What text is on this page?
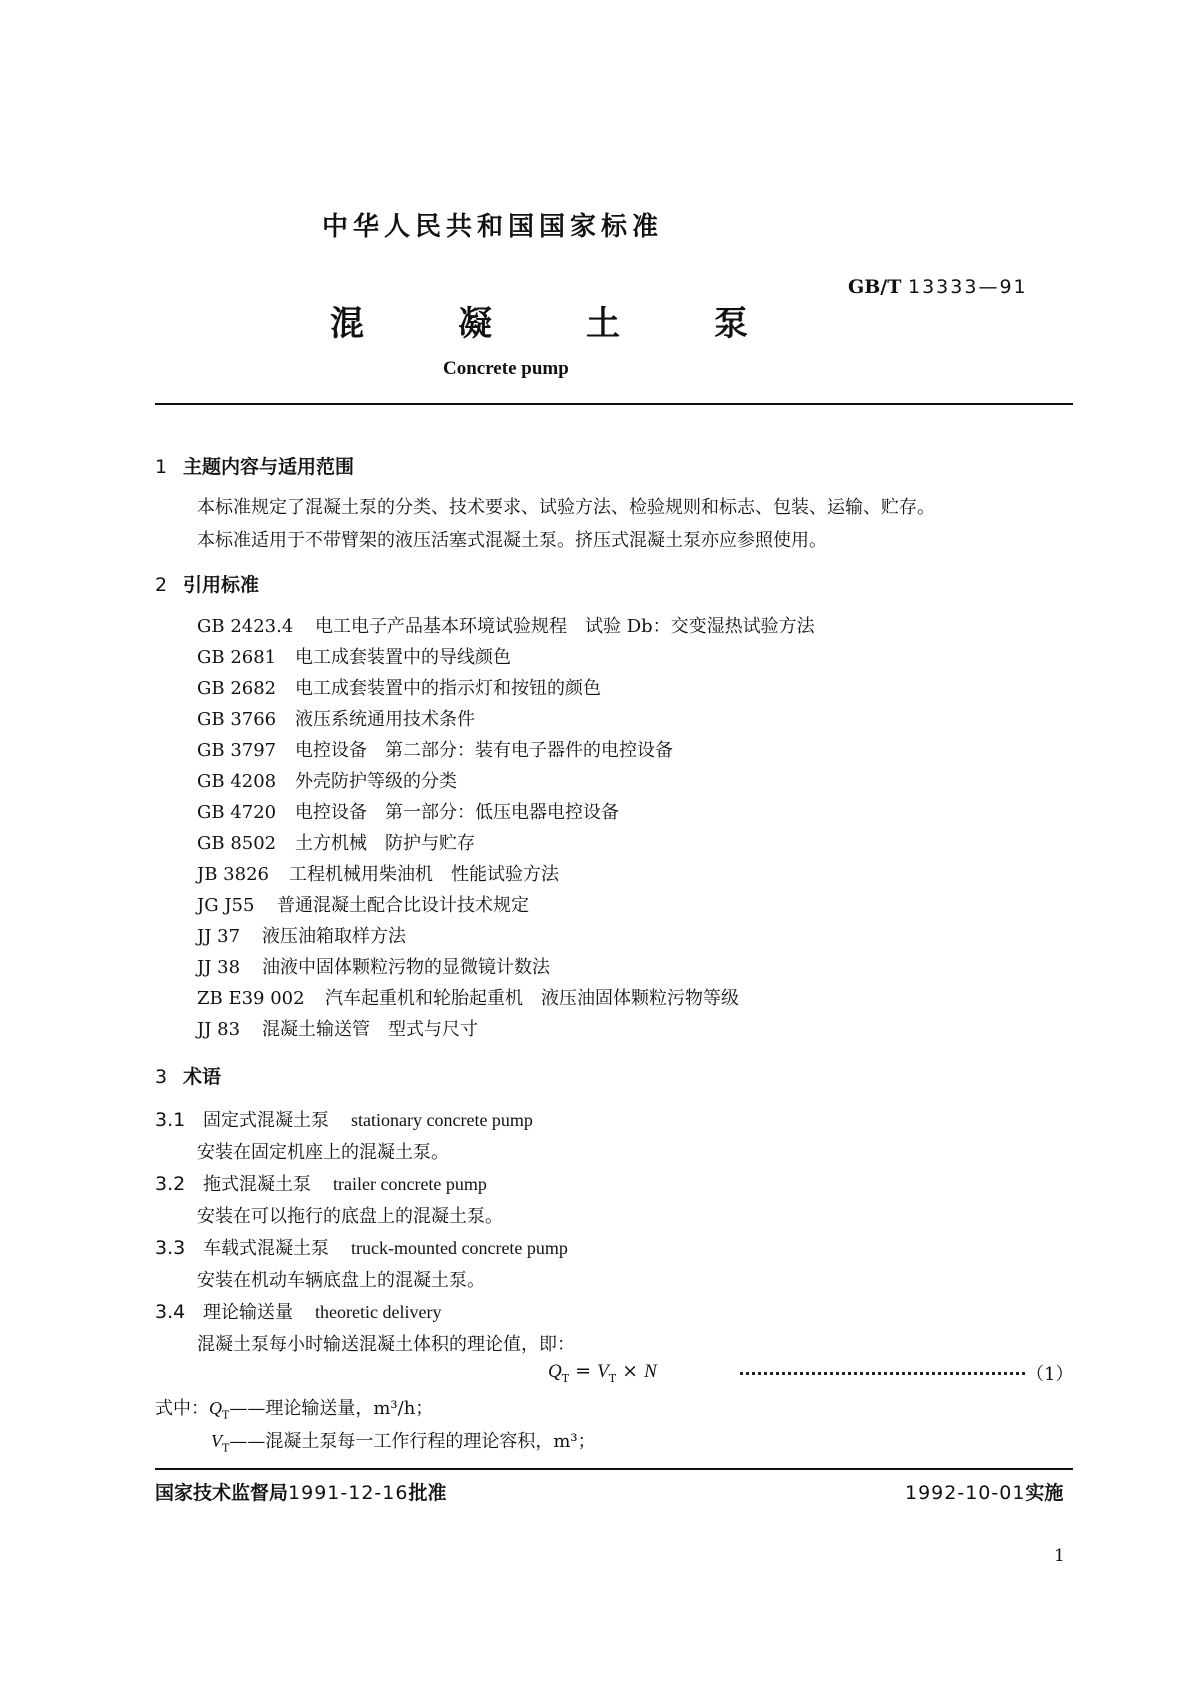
中华人民共和国国家标准
GB/T 13333—91
混	凝	土	泵
Concrete pump
1 主题内容与适用范围
本标准规定了混凝土泵的分类、技术要求、试验方法、检验规则和标志、包装、运输、贮存。
本标准适用于不带臂架的液压活塞式混凝土泵。挤压式混凝土泵亦应参照使用。
2 引用标准
GB 2423.4 电工电子产品基本环境试验规程　试验 Db：交变湿热试验方法
GB 2681 电工成套装置中的导线颜色
GB 2682 电工成套装置中的指示灯和按钮的颜色
GB 3766 液压系统通用技术条件
GB 3797 电控设备　第二部分：装有电子器件的电控设备
GB 4208 外壳防护等级的分类
GB 4720 电控设备　第一部分：低压电器电控设备
GB 8502 土方机械　防护与贮存
JB 3826 工程机械用柴油机　性能试验方法
JG J55 普通混凝土配合比设计技术规定
JJ 37 液压油箱取样方法
JJ 38 油液中固体颗粒污物的显微镜计数法
ZB E39 002 汽车起重机和轮胎起重机　液压油固体颗粒污物等级
JJ 83 混凝土输送管　型式与尺寸
3 术语
3.1 固定式混凝土泵 stationary concrete pump
安装在固定机座上的混凝土泵。
3.2 拖式混凝土泵 trailer concrete pump
安装在可以拖行的底盘上的混凝土泵。
3.3 车载式混凝土泵 truck-mounted concrete pump
安装在机动车辆底盘上的混凝土泵。
3.4 理论输送量 theoretic delivery
混凝土泵每小时输送混凝土体积的理论值，即：
$Q_T = V_T \times N$	（1）
式中：$Q_T——$理论输送量，m³/h；
$V_T——$混凝土泵每一工作行程的理论容积，m³；
国家技术监督局1991-12-16批准	1992-10-01实施
1
